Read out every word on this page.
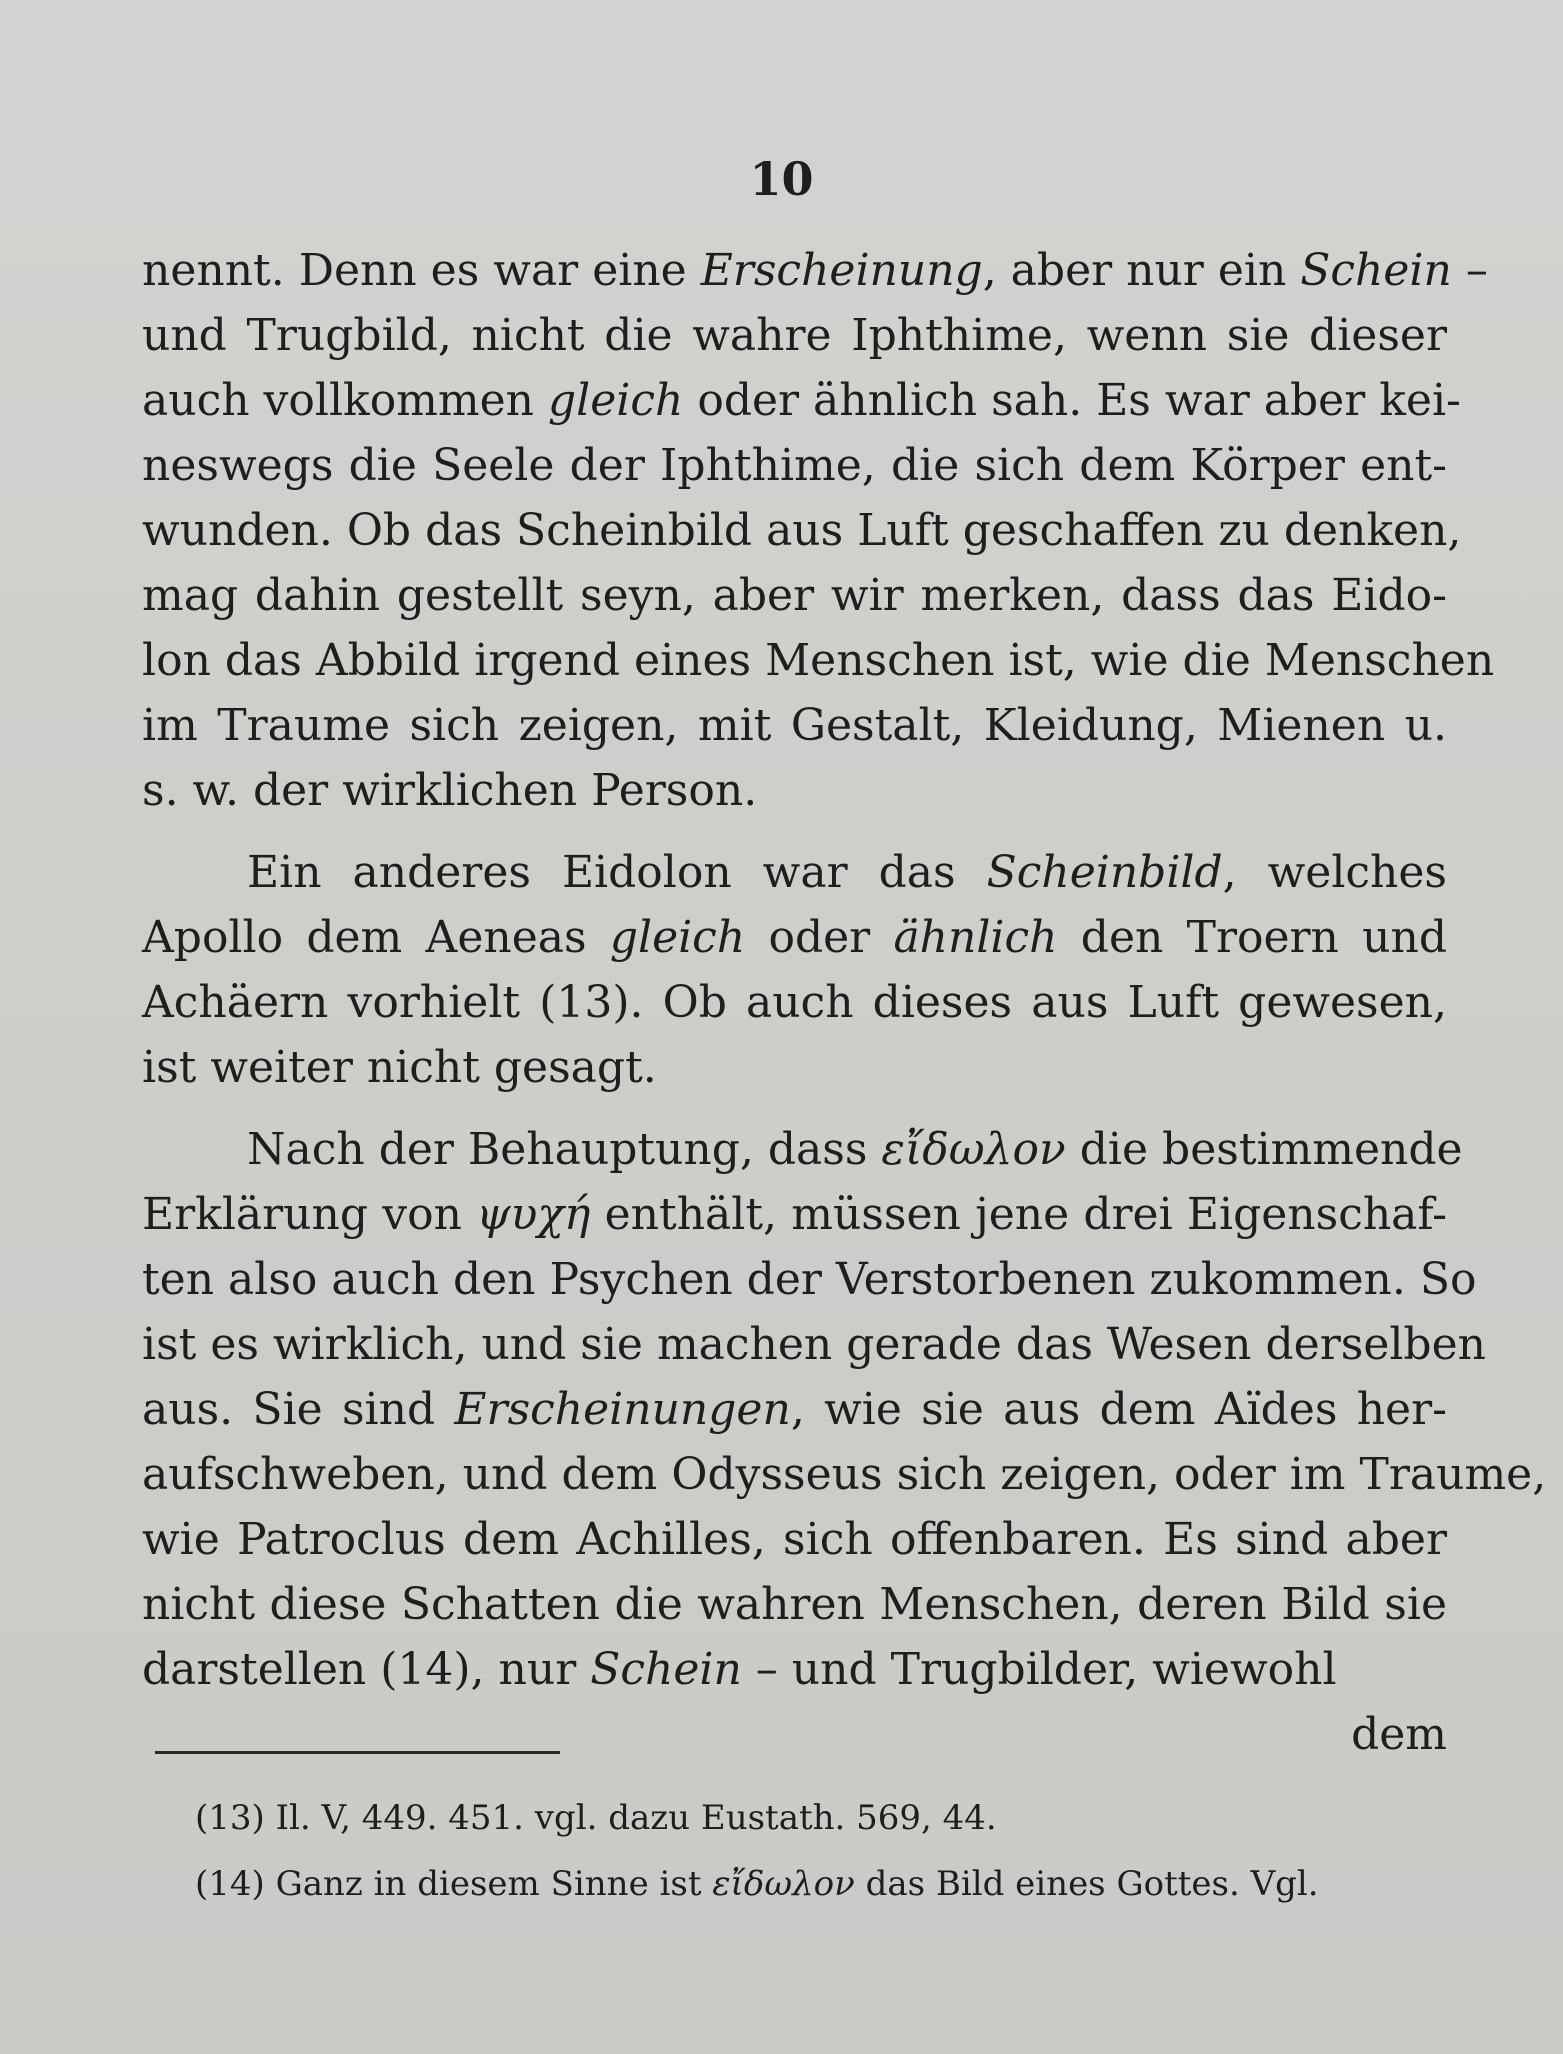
10
nennt. Denn es war eine Erscheinung, aber nur ein Schein –
und Trugbild, nicht die wahre Iphthime, wenn sie dieser
auch vollkommen gleich oder ähnlich sah. Es war aber kei-
neswegs die Seele der Iphthime, die sich dem Körper ent-
wunden. Ob das Scheinbild aus Luft geschaffen zu denken,
mag dahin gestellt seyn, aber wir merken, dass das Eido-
lon das Abbild irgend eines Menschen ist, wie die Menschen
im Traume sich zeigen, mit Gestalt, Kleidung, Mienen u.
s. w. der wirklichen Person.
Ein anderes Eidolon war das Scheinbild, welches
Apollo dem Aeneas gleich oder ähnlich den Troern und
Achäern vorhielt (13). Ob auch dieses aus Luft gewesen,
ist weiter nicht gesagt.
Nach der Behauptung, dass εἴδωλον die bestimmende
Erklärung von ψυχή enthält, müssen jene drei Eigenschaf-
ten also auch den Psychen der Verstorbenen zukommen. So
ist es wirklich, und sie machen gerade das Wesen derselben
aus. Sie sind Erscheinungen, wie sie aus dem Aïdes her-
aufschweben, und dem Odysseus sich zeigen, oder im Traume,
wie Patroclus dem Achilles, sich offenbaren. Es sind aber
nicht diese Schatten die wahren Menschen, deren Bild sie
darstellen (14), nur Schein – und Trugbilder, wiewohl
dem
(13) Il. V, 449. 451. vgl. dazu Eustath. 569, 44.
(14) Ganz in diesem Sinne ist εἴδωλον das Bild eines Gottes. Vgl.
